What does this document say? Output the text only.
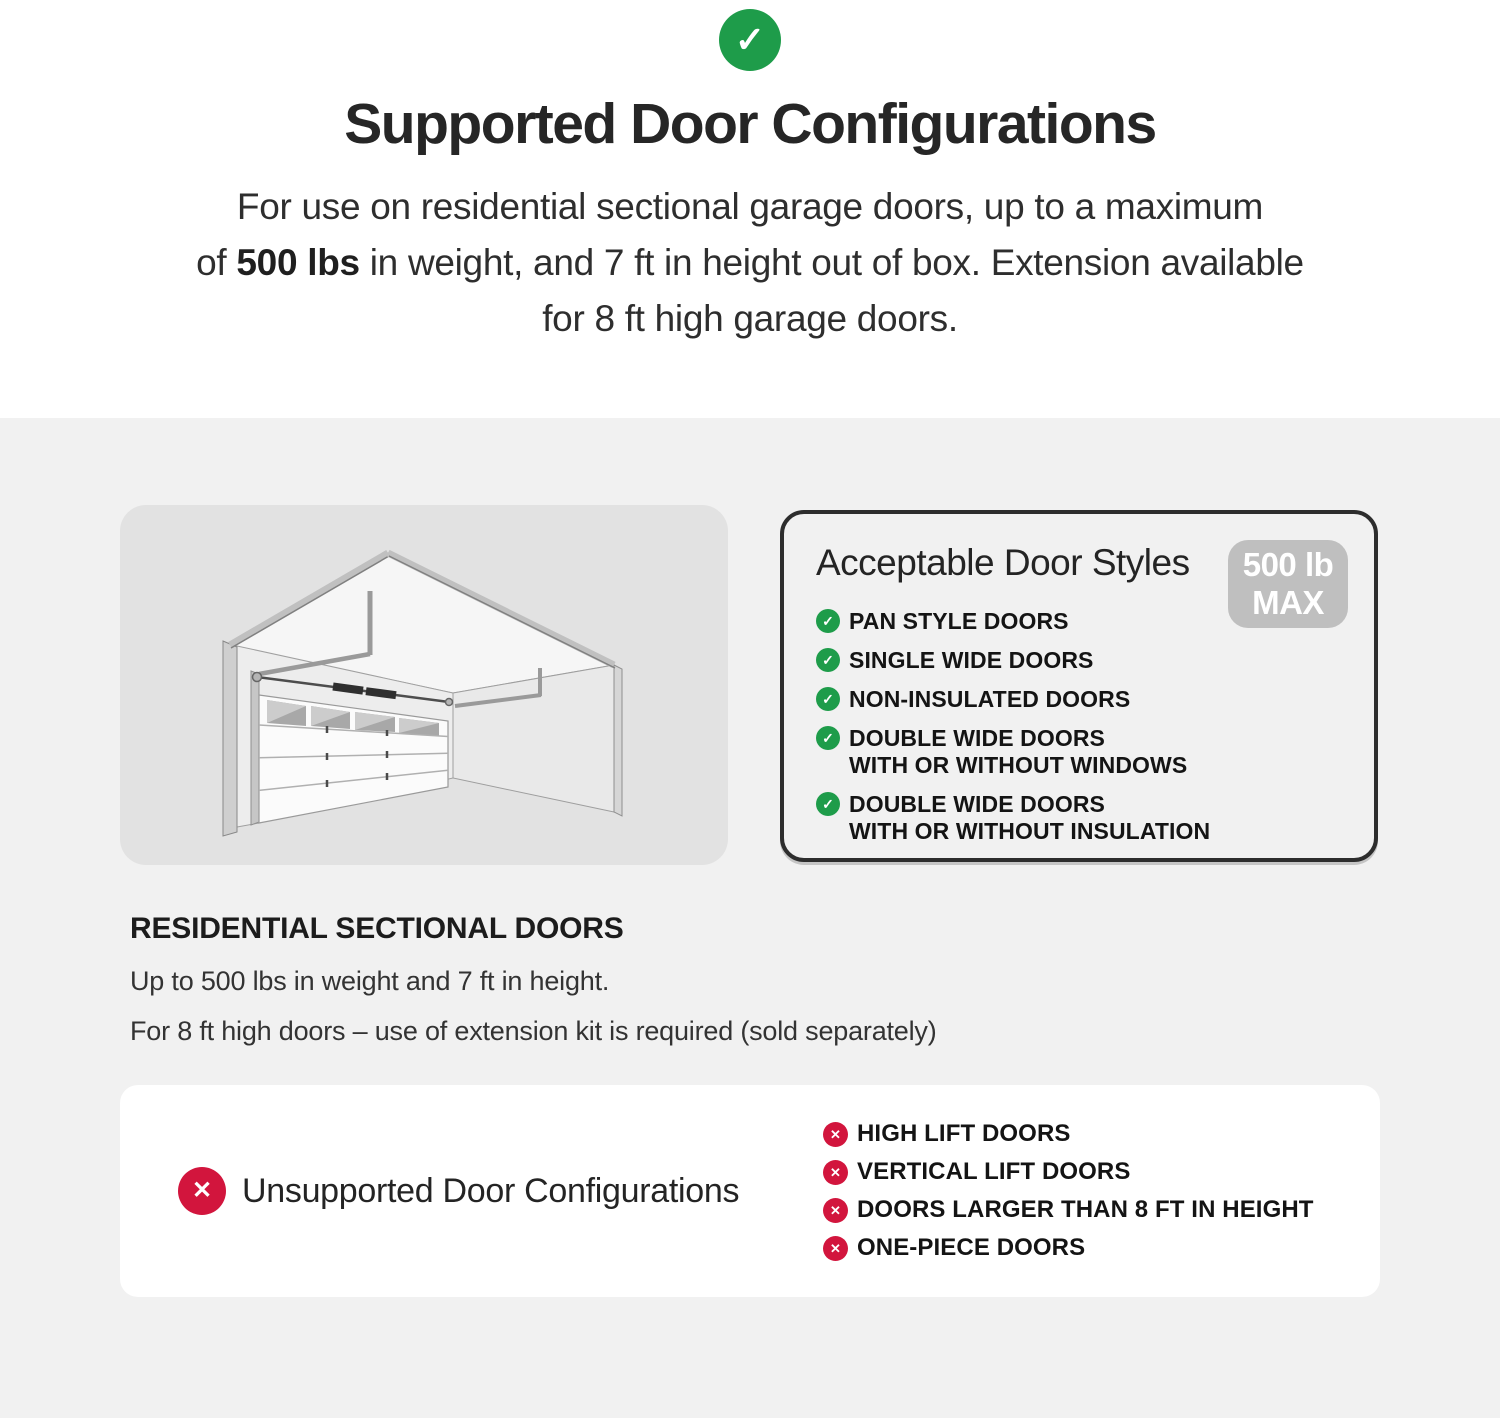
✓
Supported Door Configurations

For use on residential sectional garage doors, up to a maximum
of 500 lbs in weight, and 7 ft in height out of box. Extension available
for 8 ft high garage doors.

Acceptable Door Styles	500 lb
MAX
✓ PAN STYLE DOORS
✓ SINGLE WIDE DOORS
✓ NON-INSULATED DOORS
✓ DOUBLE WIDE DOORS
WITH OR WITHOUT WINDOWS
✓ DOUBLE WIDE DOORS
WITH OR WITHOUT INSULATION
RESIDENTIAL SECTIONAL DOORS
Up to 500 lbs in weight and 7 ft in height.
For 8 ft high doors – use of extension kit is required (sold separately)
✕ Unsupported Door Configurations
✕ HIGH LIFT DOORS
✕ VERTICAL LIFT DOORS
✕ DOORS LARGER THAN 8 FT IN HEIGHT
✕ ONE-PIECE DOORS
